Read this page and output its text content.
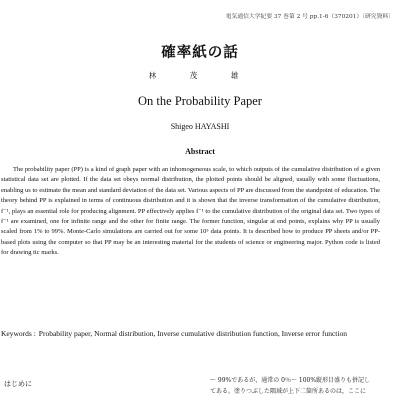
電気通信大学紀要 37 巻第 2 号 pp.1-6（370201）〔研究資料〕
確率紙の話
林　茂　雄
On the Probability Paper
Shigeo HAYASHI
Abstract

The probability paper (PP) is a kind of graph paper with an inhomogeneous scale, to which outputs of the cumulative distribution of a given statistical data set are plotted. If the data set obeys normal distribution, the plotted points should be aligned, usually with some fluctuations, enabling us to estimate the mean and standard deviation of the data set. Various aspects of PP are discussed from the standpoint of education. The theory behind PP is explained in terms of continuous distribution and it is shown that the inverse transformation of the cumulative distribution, f⁻¹, plays an essential role for producing alignment. PP effectively applies f⁻¹ to the cumulative distribution of the original data set. Two types of f⁻¹ are examined, one for infinite range and the other for finite range. The former function, singular at end points, explains why PP is usually scaled from 1% to 99%. Monte-Carlo simulations are carried out for some 10⁵ data points. It is described how to produce PP sheets and/or PP-based plots using the computer so that PP may be an interesting material for the students of science or engineering major. Python code is listed for drawing tic marks.

Keywords : Probability paper, Normal distribution, Inverse cumulative distribution function, Inverse error function
はじめに	～ 99%であるが，通常の 0％～ 100%縦形目盛りも併記し
てある。塗りつぶした隅域が上下二箇所あるのは，ここに
